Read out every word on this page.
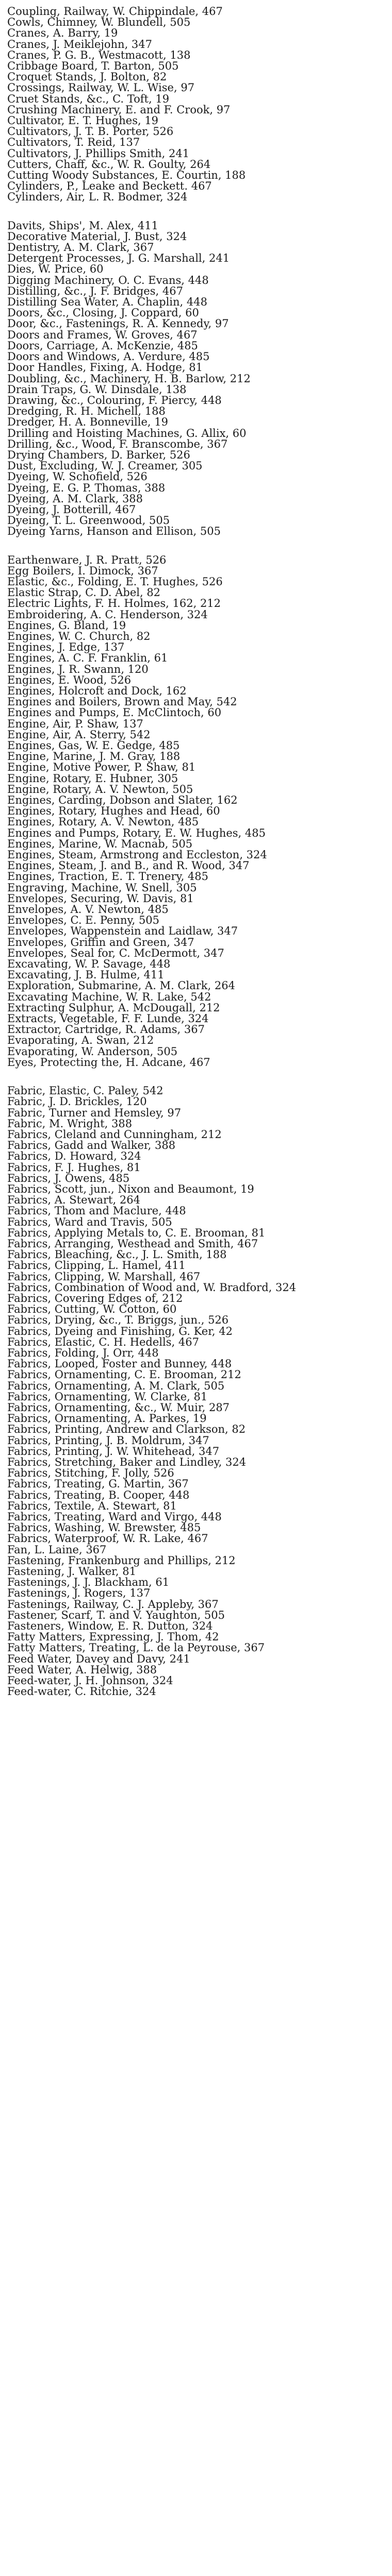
Coupling, Railway, W. Chippindale, 467
Cowls, Chimney, W. Blundell, 505
Cranes, A. Barry, 19
Cranes, J. Meiklejohn, 347
Cranes, P. G. B., Westmacott, 138
Cribbage Board, T. Barton, 505
Croquet Stands, J. Bolton, 82
Crossings, Railway, W. L. Wise, 97
Cruet Stands, &c., C. Toft, 19
Crushing Machinery, E. and F. Crook, 97
Cultivator, E. T. Hughes, 19
Cultivators, J. T. B. Porter, 526
Cultivators, T. Reid, 137
Cultivators, J. Phillips Smith, 241
Cutters, Chaff, &c., W. R. Goulty, 264
Cutting Woody Substances, E. Courtin, 188
Cylinders, P., Leake and Beckett. 467
Cylinders, Air, L. R. Bodmer, 324
Davits, Ships', M. Alex, 411
Decorative Material, J. Bust, 324
Dentistry, A. M. Clark, 367
Detergent Processes, J. G. Marshall, 241
Dies, W. Price, 60
Digging Machinery, O. C. Evans, 448
Distilling, &c., J. F. Bridges, 467
Distilling Sea Water, A. Chaplin, 448
Doors, &c., Closing, J. Coppard, 60
Door, &c., Fastenings, R. A. Kennedy, 97
Doors and Frames, W. Groves, 467
Doors, Carriage, A. McKenzie, 485
Doors and Windows, A. Verdure, 485
Door Handles, Fixing, A. Hodge, 81
Doubling, &c., Machinery, H. B. Barlow, 212
Drain Traps, G. W. Dinsdale, 138
Drawing, &c., Colouring, F. Piercy, 448
Dredging, R. H. Michell, 188
Dredger, H. A. Bonneville, 19
Drilling and Hoisting Machines, G. Allix, 60
Drilling, &c., Wood, F. Branscombe, 367
Drying Chambers, D. Barker, 526
Dust, Excluding, W. J. Creamer, 305
Dyeing, W. Schofield, 526
Dyeing, E. G. P. Thomas, 388
Dyeing, A. M. Clark, 388
Dyeing, J. Botterill, 467
Dyeing, T. L. Greenwood, 505
Dyeing Yarns, Hanson and Ellison, 505
Earthenware, J. R. Pratt, 526
Egg Boilers, I. Dimock, 367
Elastic, &c., Folding, E. T. Hughes, 526
Elastic Strap, C. D. Abel, 82
Electric Lights, F. H. Holmes, 162, 212
Embroidering, A. C. Henderson, 324
Engines, G. Bland, 19
Engines, W. C. Church, 82
Engines, J. Edge, 137
Engines, A. C. F. Franklin, 61
Engines, J. R. Swann, 120
Engines, E. Wood, 526
Engines, Holcroft and Dock, 162
Engines and Boilers, Brown and May, 542
Engines and Pumps, E. McClintoch, 60
Engine, Air, P. Shaw, 137
Engine, Air, A. Sterry, 542
Engines, Gas, W. E. Gedge, 485
Engine, Marine, J. M. Gray, 188
Engine, Motive Power, P. Shaw, 81
Engine, Rotary, E. Hubner, 305
Engine, Rotary, A. V. Newton, 505
Engines, Carding, Dobson and Slater, 162
Engines, Rotary, Hughes and Head, 60
Engines, Rotary, A. V. Newton, 485
Engines and Pumps, Rotary, E. W. Hughes, 485
Engines, Marine, W. Macnab, 505
Engines, Steam, Armstrong and Eccleston, 324
Engines, Steam, J. and B., and R. Wood, 347
Engines, Traction, E. T. Trenery, 485
Engraving, Machine, W. Snell, 305
Envelopes, Securing, W. Davis, 81
Envelopes, A. V. Newton, 485
Envelopes, C. E. Penny, 505
Envelopes, Wappenstein and Laidlaw, 347
Envelopes, Griffin and Green, 347
Envelopes, Seal for, C. McDermott, 347
Excavating, W. P. Savage, 448
Excavating, J. B. Hulme, 411
Exploration, Submarine, A. M. Clark, 264
Excavating Machine, W. R. Lake, 542
Extracting Sulphur, A. McDougall, 212
Extracts, Vegetable, F. F. Lunde, 324
Extractor, Cartridge, R. Adams, 367
Evaporating, A. Swan, 212
Evaporating, W. Anderson, 505
Eyes, Protecting the, H. Adcane, 467
Fabric, Elastic, C. Paley, 542
Fabric, J. D. Brickles, 120
Fabric, Turner and Hemsley, 97
Fabric, M. Wright, 388
Fabrics, Cleland and Cunningham, 212
Fabrics, Gadd and Walker, 388
Fabrics, D. Howard, 324
Fabrics, F. J. Hughes, 81
Fabrics, J. Owens, 485
Fabrics, Scott, jun., Nixon and Beaumont, 19
Fabrics, A. Stewart, 264
Fabrics, Thom and Maclure, 448
Fabrics, Ward and Travis, 505
Fabrics, Applying Metals to, C. E. Brooman, 81
Fabrics, Arranging, Westhead and Smith, 467
Fabrics, Bleaching, &c., J. L. Smith, 188
Fabrics, Clipping, L. Hamel, 411
Fabrics, Clipping, W. Marshall, 467
Fabrics, Combination of Wood and, W. Bradford, 324
Fabrics, Covering Edges of, 212
Fabrics, Cutting, W. Cotton, 60
Fabrics, Drying, &c., T. Briggs, jun., 526
Fabrics, Dyeing and Finishing, G. Ker, 42
Fabrics, Elastic, C. H. Hedells, 467
Fabrics, Folding, J. Orr, 448
Fabrics, Looped, Foster and Bunney, 448
Fabrics, Ornamenting, C. E. Brooman, 212
Fabrics, Ornamenting, A. M. Clark, 505
Fabrics, Ornamenting, W. Clarke, 81
Fabrics, Ornamenting, &c., W. Muir, 287
Fabrics, Ornamenting, A. Parkes, 19
Fabrics, Printing, Andrew and Clarkson, 82
Fabrics, Printing, J. B. Moldrum, 347
Fabrics, Printing, J. W. Whitehead, 347
Fabrics, Stretching, Baker and Lindley, 324
Fabrics, Stitching, F. Jolly, 526
Fabrics, Treating, G. Martin, 367
Fabrics, Treating, B. Cooper, 448
Fabrics, Textile, A. Stewart, 81
Fabrics, Treating, Ward and Virgo, 448
Fabrics, Washing, W. Brewster, 485
Fabrics, Waterproof, W. R. Lake, 467
Fan, L. Laine, 367
Fastening, Frankenburg and Phillips, 212
Fastening, J. Walker, 81
Fastenings, J. J. Blackham, 61
Fastenings, J. Rogers, 137
Fastenings, Railway, C. J. Appleby, 367
Fastener, Scarf, T. and V. Yaughton, 505
Fasteners, Window, E. R. Dutton, 324
Fatty Matters, Expressing, J. Thom, 42
Fatty Matters, Treating, L. de la Peyrouse, 367
Feed Water, Davey and Davy, 241
Feed Water, A. Helwig, 388
Feed-water, J. H. Johnson, 324
Feed-water, C. Ritchie, 324
